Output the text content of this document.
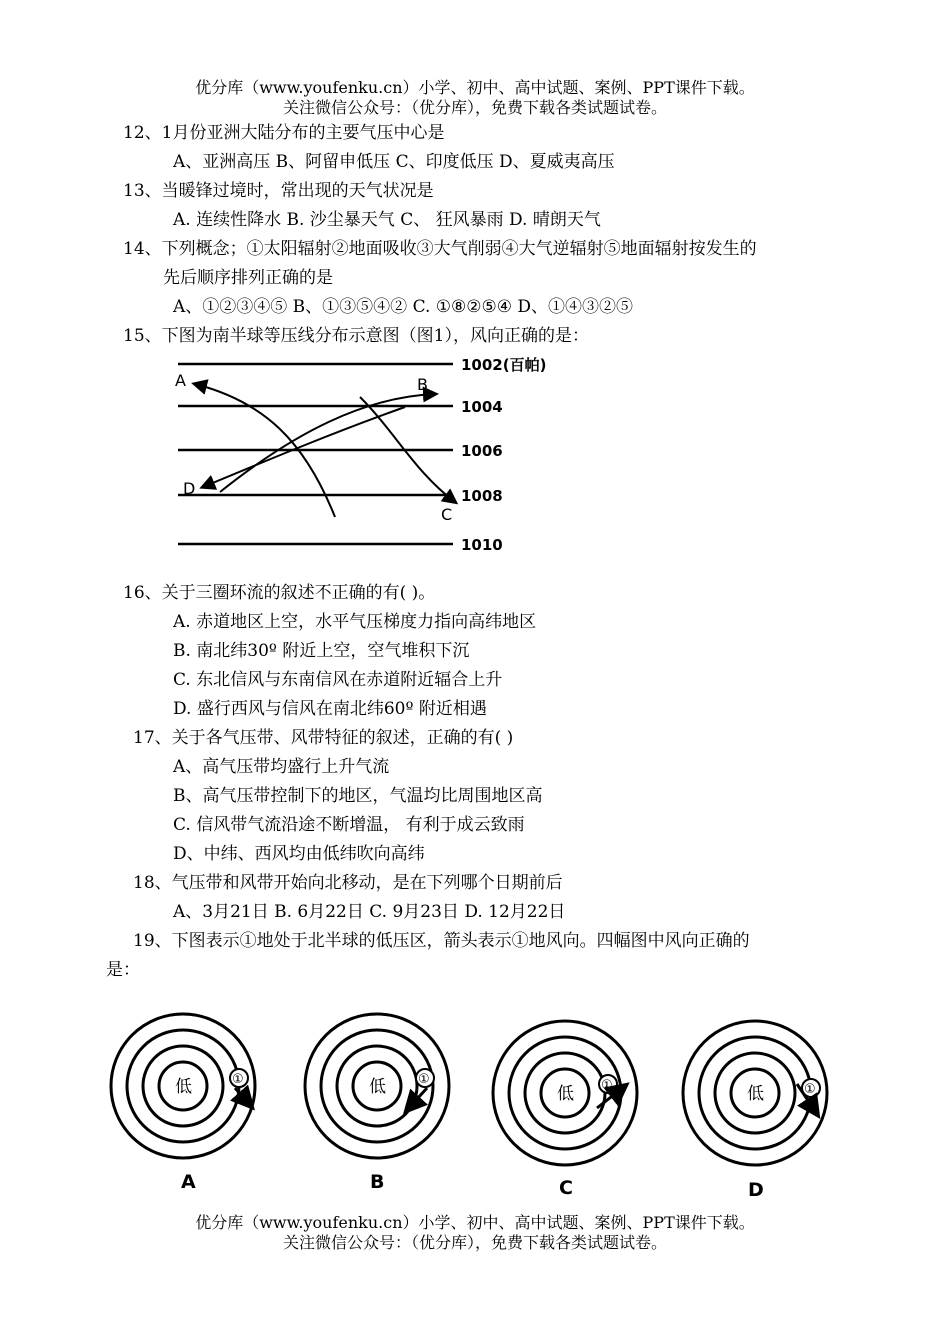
优分库（www.youfenku.cn）小学、初中、高中试题、案例、PPT课件下载。
关注微信公众号：（优分库），免费下载各类试题试卷。
12、1月份亚洲大陆分布的主要气压中心是
A、亚洲高压 B、阿留申低压 C、印度低压 D、夏威夷高压
13、当暖锋过境时，常出现的天气状况是
A. 连续性降水 B. 沙尘暴天气 C、 狂风暴雨 D. 晴朗天气
14、下列概念；①太阳辐射②地面吸收③大气削弱④大气逆辐射⑤地面辐射按发生的
先后顺序排列正确的是
A、①②③④⑤ B、①③⑤④② C. ①⑧②⑤④ D、①④③②⑤
15、下图为南半球等压线分布示意图（图1），风向正确的是：
1002(百帕)
1004
1006
1008
1010
A	B
C
D
16、关于三圈环流的叙述不正确的有( )。
A. 赤道地区上空，水平气压梯度力指向高纬地区
B. 南北纬30º 附近上空，空气堆积下沉
C. 东北信风与东南信风在赤道附近辐合上升
D. 盛行西风与信风在南北纬60º 附近相遇
17、关于各气压带、风带特征的叙述，正确的有( )
A、高气压带均盛行上升气流
B、高气压带控制下的地区，气温均比周围地区高
C. 信风带气流沿途不断增温， 有利于成云致雨
D、中纬、西风均由低纬吹向高纬
18、气压带和风带开始向北移动，是在下列哪个日期前后
A、3月21日 B. 6月22日 C. 9月23日 D. 12月22日
19、下图表示①地处于北半球的低压区，箭头表示①地风向。四幅图中风向正确的
是：
低	①
A
低 ①
B
低 ①
C
低	①
D
优分库（www.youfenku.cn）小学、初中、高中试题、案例、PPT课件下载。
关注微信公众号：（优分库），免费下载各类试题试卷。
